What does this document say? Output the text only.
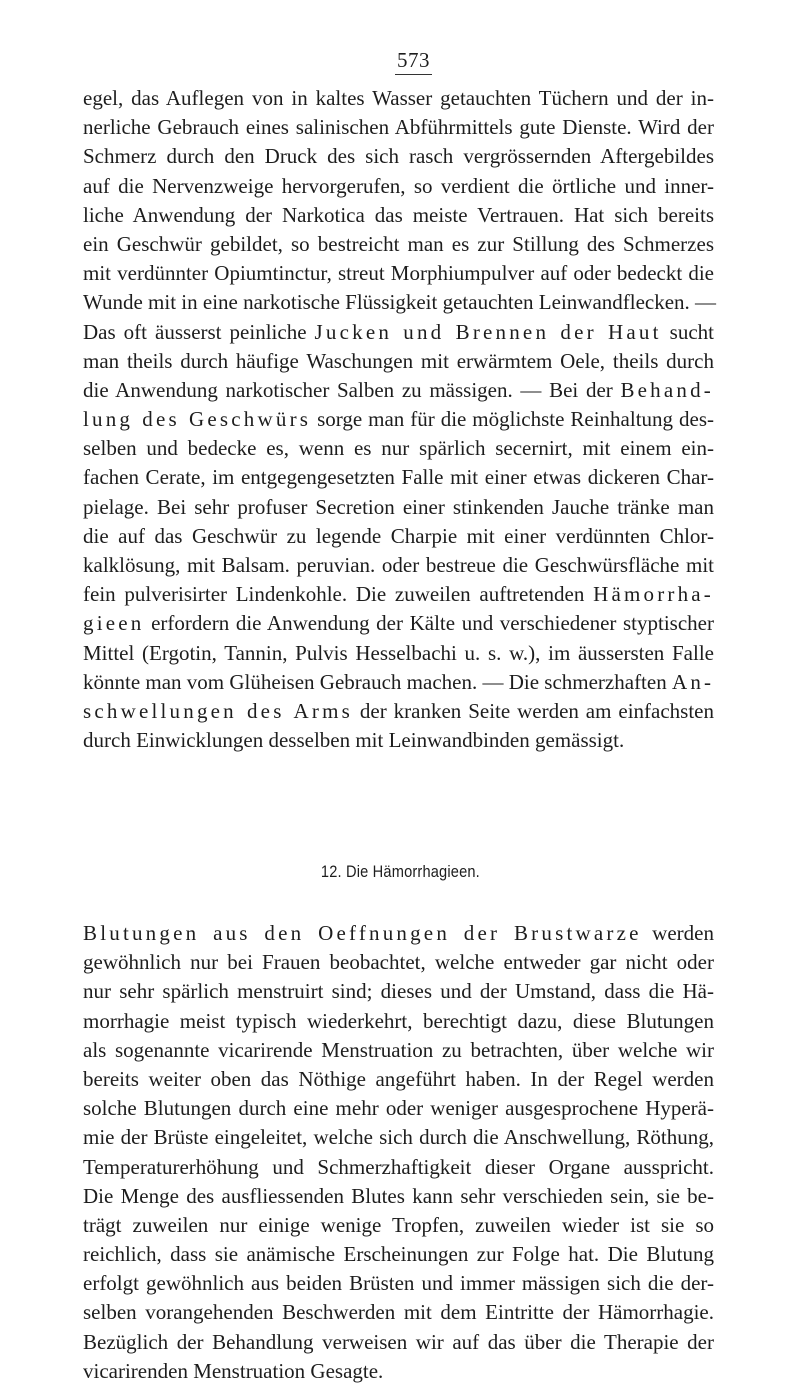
573
egel, das Auflegen von in kaltes Wasser getauchten Tüchern und der in-
nerliche Gebrauch eines salinischen Abführmittels gute Dienste. Wird der
Schmerz durch den Druck des sich rasch vergrössernden Aftergebildes
auf die Nervenzweige hervorgerufen, so verdient die örtliche und inner-
liche Anwendung der Narkotica das meiste Vertrauen. Hat sich bereits
ein Geschwür gebildet, so bestreicht man es zur Stillung des Schmerzes
mit verdünnter Opiumtinctur, streut Morphiumpulver auf oder bedeckt die
Wunde mit in eine narkotische Flüssigkeit getauchten Leinwandflecken. —
Das oft äusserst peinliche Jucken und Brennen der Haut sucht
man theils durch häufige Waschungen mit erwärmtem Oele, theils durch
die Anwendung narkotischer Salben zu mässigen. — Bei der Behand-
lung des Geschwürs sorge man für die möglichste Reinhaltung des-
selben und bedecke es, wenn es nur spärlich secernirt, mit einem ein-
fachen Cerate, im entgegengesetzten Falle mit einer etwas dickeren Char-
pielage. Bei sehr profuser Secretion einer stinkenden Jauche tränke man
die auf das Geschwür zu legende Charpie mit einer verdünnten Chlor-
kalklösung, mit Balsam. peruvian. oder bestreue die Geschwürsfläche mit
fein pulverisirter Lindenkohle. Die zuweilen auftretenden Hämorrha-
gieen erfordern die Anwendung der Kälte und verschiedener styptischer
Mittel (Ergotin, Tannin, Pulvis Hesselbachi u. s. w.), im äussersten Falle
könnte man vom Glüheisen Gebrauch machen. — Die schmerzhaften An-
schwellungen des Arms der kranken Seite werden am einfachsten
durch Einwicklungen desselben mit Leinwandbinden gemässigt.
12. Die Hämorrhagieen.
Blutungen aus den Oeffnungen der Brustwarze werden
gewöhnlich nur bei Frauen beobachtet, welche entweder gar nicht oder
nur sehr spärlich menstruirt sind; dieses und der Umstand, dass die Hä-
morrhagie meist typisch wiederkehrt, berechtigt dazu, diese Blutungen
als sogenannte vicarirende Menstruation zu betrachten, über welche wir
bereits weiter oben das Nöthige angeführt haben. In der Regel werden
solche Blutungen durch eine mehr oder weniger ausgesprochene Hyperä-
mie der Brüste eingeleitet, welche sich durch die Anschwellung, Röthung,
Temperaturerhöhung und Schmerzhaftigkeit dieser Organe ausspricht.
Die Menge des ausfliessenden Blutes kann sehr verschieden sein, sie be-
trägt zuweilen nur einige wenige Tropfen, zuweilen wieder ist sie so
reichlich, dass sie anämische Erscheinungen zur Folge hat. Die Blutung
erfolgt gewöhnlich aus beiden Brüsten und immer mässigen sich die der-
selben vorangehenden Beschwerden mit dem Eintritte der Hämorrhagie.
Bezüglich der Behandlung verweisen wir auf das über die Therapie der
vicarirenden Menstruation Gesagte.
